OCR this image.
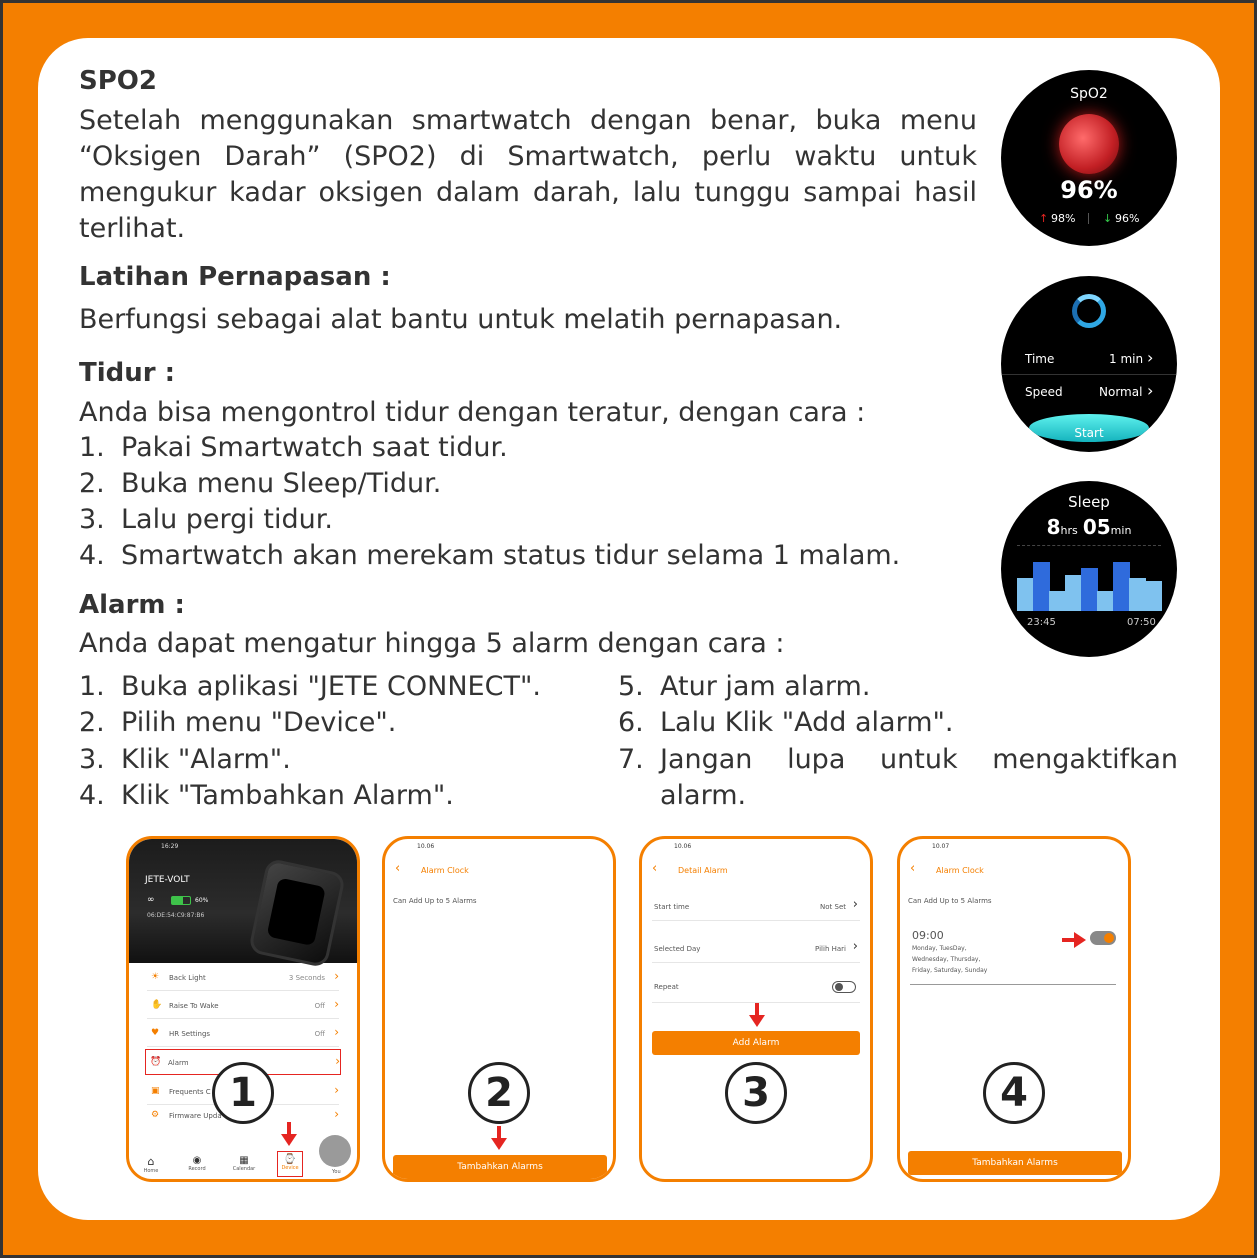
SPO2
Setelah menggunakan smartwatch dengan benar, buka menu “Oksigen Darah” (SPO2) di Smartwatch, perlu waktu untuk mengukur kadar oksigen dalam darah, lalu tunggu sampai hasil terlihat.
Latihan Pernapasan :
Berfungsi sebagai alat bantu untuk melatih pernapasan.
Tidur :
Anda bisa mengontrol tidur dengan teratur, dengan cara :
1. Pakai Smartwatch saat tidur.
2. Buka menu Sleep/Tidur.
3. Lalu pergi tidur.
4. Smartwatch akan merekam status tidur selama 1 malam.
Alarm :
Anda dapat mengatur hingga 5 alarm dengan cara :
1. Buka aplikasi "JETE CONNECT".
2. Pilih menu "Device".
3. Klik "Alarm".
4. Klik "Tambahkan Alarm".
5. Atur jam alarm.
6. Lalu Klik "Add alarm".
7. Jangan lupa untuk mengaktifkan
alarm.
SpO2
96%
↑ 98%	↓ 96%
Time	1 min ›
Speed	Normal ›
Start
Sleep
8hrs 05min
23:45	07:50
16:29
JETE-VOLT
∞	60%
06:DE:54:C9:87:B6
☀ Back Light	3 Seconds ›
✋ Raise To Wake	Off ›
♥ HR Settings	Off ›
⏰ Alarm	›
▣ Frequents C	›
⚙ Firmware Upda	›
⌂
Home
◉
Record
▦
Calendar
⌚
Device
You
1
10.06
‹	Alarm Clock
Can Add Up to 5 Alarms
Tambahkan Alarms
2
10.06
‹	Detail Alarm
Start time	Not Set ›
Selected Day	Pilih Hari ›
Repeat
Add Alarm
3
10.07
‹	Alarm Clock
Can Add Up to 5 Alarms
09:00
Monday, TuesDay,
Wednesday, Thursday,
Friday, Saturday, Sunday
Tambahkan Alarms
4
